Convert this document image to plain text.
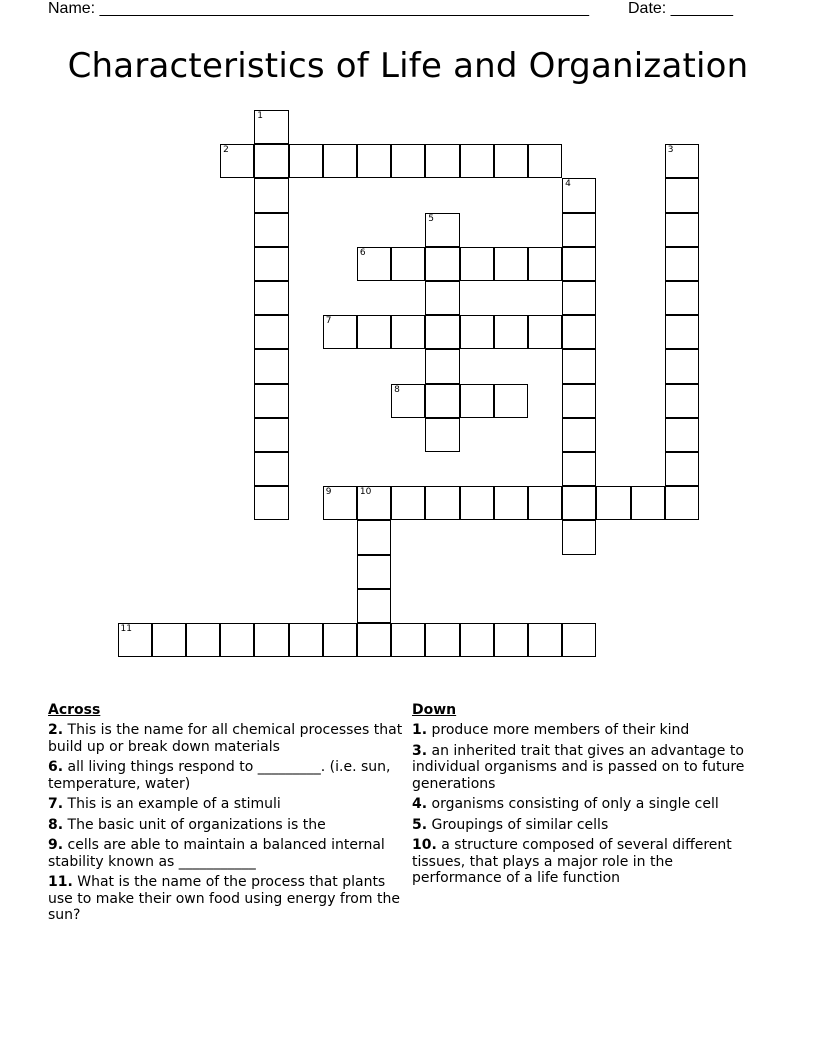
Name: _______________________________________________________ Date: _______
Characteristics of Life and Organization
1
2	3
4
5
6
7
8
9	10
11
Across
2. This is the name for all chemical processes that build up or break down materials
6. all living things respond to _________. (i.e. sun, temperature, water)
7. This is an example of a stimuli
8. The basic unit of organizations is the
9. cells are able to maintain a balanced internal stability known as ___________
11. What is the name of the process that plants use to make their own food using energy from the sun?
Down
1. produce more members of their kind
3. an inherited trait that gives an advantage to individual organisms and is passed on to future generations
4. organisms consisting of only a single cell
5. Groupings of similar cells
10. a structure composed of several different tissues, that plays a major role in the performance of a life function
